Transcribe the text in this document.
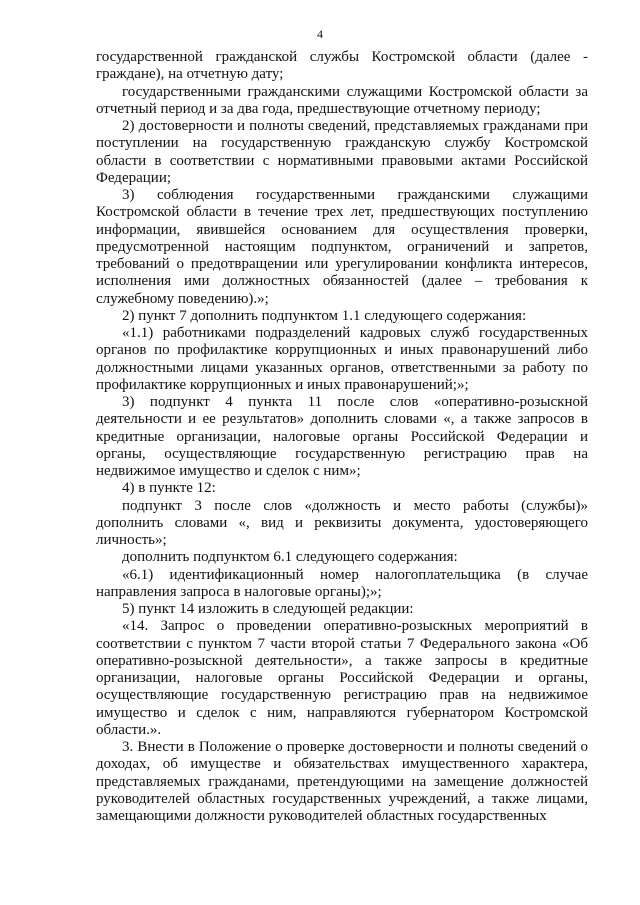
4

государственной гражданской службы Костромской области (далее - граждане), на отчетную дату;

государственными гражданскими служащими Костромской области за отчетный период и за два года, предшествующие отчетному периоду;

2) достоверности и полноты сведений, представляемых гражданами при поступлении на государственную гражданскую службу Костромской области в соответствии с нормативными правовыми актами Российской Федерации;

3) соблюдения государственными гражданскими служащими Костромской области в течение трех лет, предшествующих поступлению информации, явившейся основанием для осуществления проверки, предусмотренной настоящим подпунктом, ограничений и запретов, требований о предотвращении или урегулировании конфликта интересов, исполнения ими должностных обязанностей (далее – требования к служебному поведению).»;

2) пункт 7 дополнить подпунктом 1.1 следующего содержания:

«1.1) работниками подразделений кадровых служб государственных органов по профилактике коррупционных и иных правонарушений либо должностными лицами указанных органов, ответственными за работу по профилактике коррупционных и иных правонарушений;»;

3) подпункт 4 пункта 11 после слов «оперативно-розыскной деятельности и ее результатов» дополнить словами «, а также запросов в кредитные организации, налоговые органы Российской Федерации и органы, осуществляющие государственную регистрацию прав на недвижимое имущество и сделок с ним»;

4) в пункте 12:

подпункт 3 после слов «должность и место работы (службы)» дополнить словами «, вид и реквизиты документа, удостоверяющего личность»;

дополнить подпунктом 6.1 следующего содержания:

«6.1) идентификационный номер налогоплательщика (в случае направления запроса в налоговые органы);»;

5) пункт 14 изложить в следующей редакции:

«14. Запрос о проведении оперативно-розыскных мероприятий в соответствии с пунктом 7 части второй статьи 7 Федерального закона «Об оперативно-розыскной деятельности», а также запросы в кредитные организации, налоговые органы Российской Федерации и органы, осуществляющие государственную регистрацию прав на недвижимое имущество и сделок с ним, направляются губернатором Костромской области.».

3. Внести в Положение о проверке достоверности и полноты сведений о доходах, об имуществе и обязательствах имущественного характера, представляемых гражданами, претендующими на замещение должностей руководителей областных государственных учреждений, а также лицами, замещающими должности руководителей областных государственных
